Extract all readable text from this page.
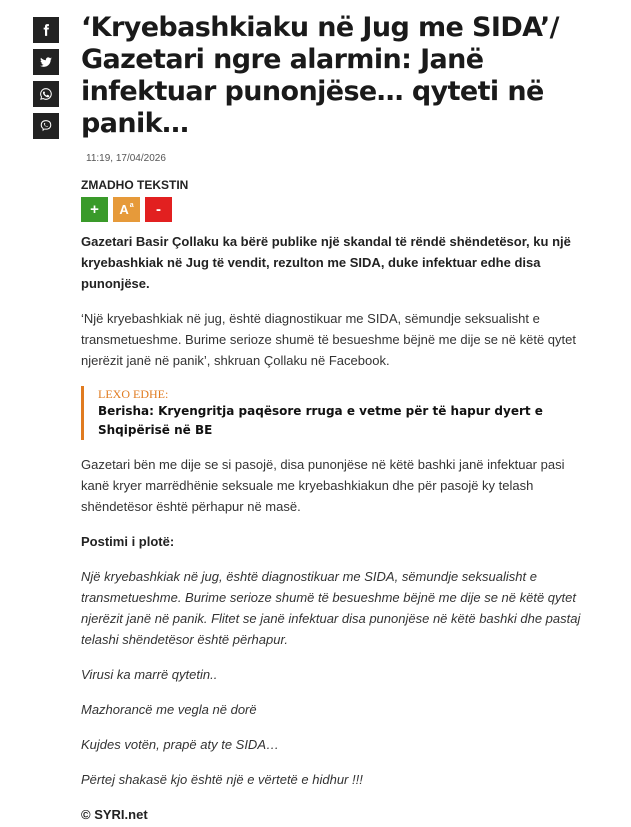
‘Kryebashkiaku në Jug me SIDA’/ Gazetari ngre alarmin: Janë infektuar punonjëse… qyteti në panik…
11:19, 17/04/2026
ZMADHO TEKSTIN
+ $A^a$ -

Gazetari Basir Çollaku ka bërë publike një skandal të rëndë shëndetësor, ku një kryebashkiak në Jug të vendit, rezulton me SIDA, duke infektuar edhe disa punonjëse.

‘Një kryebashkiak në jug, është diagnostikuar me SIDA, sëmundje seksualisht e transmetueshme. Burime serioze shumë të besueshme bëjnë me dije se në këtë qytet njerëzit janë në panik’, shkruan Çollaku në Facebook.

LEXO EDHE:
Berisha: Kryengritja paqësore rruga e vetme për të hapur dyert e Shqipërisë në BE

Gazetari bën me dije se si pasojë, disa punonjëse në këtë bashki janë infektuar pasi kanë kryer marrëdhënie seksuale me kryebashkiakun dhe për pasojë ky telash shëndetësor është përhapur në masë.

Postimi i plotë:

Një kryebashkiak në jug, është diagnostikuar me SIDA, sëmundje seksualisht e transmetueshme. Burime serioze shumë të besueshme bëjnë me dije se në këtë qytet njerëzit janë në panik. Flitet se janë infektuar disa punonjëse në këtë bashki dhe pastaj telashi shëndetësor është përhapur.

Virusi ka marrë qytetin..

Mazhorancë me vegla në dorë

Kujdes votën, prapë aty te SIDA…

Përtej shakasë kjo është një e vërtetë e hidhur !!!

© SYRI.net
